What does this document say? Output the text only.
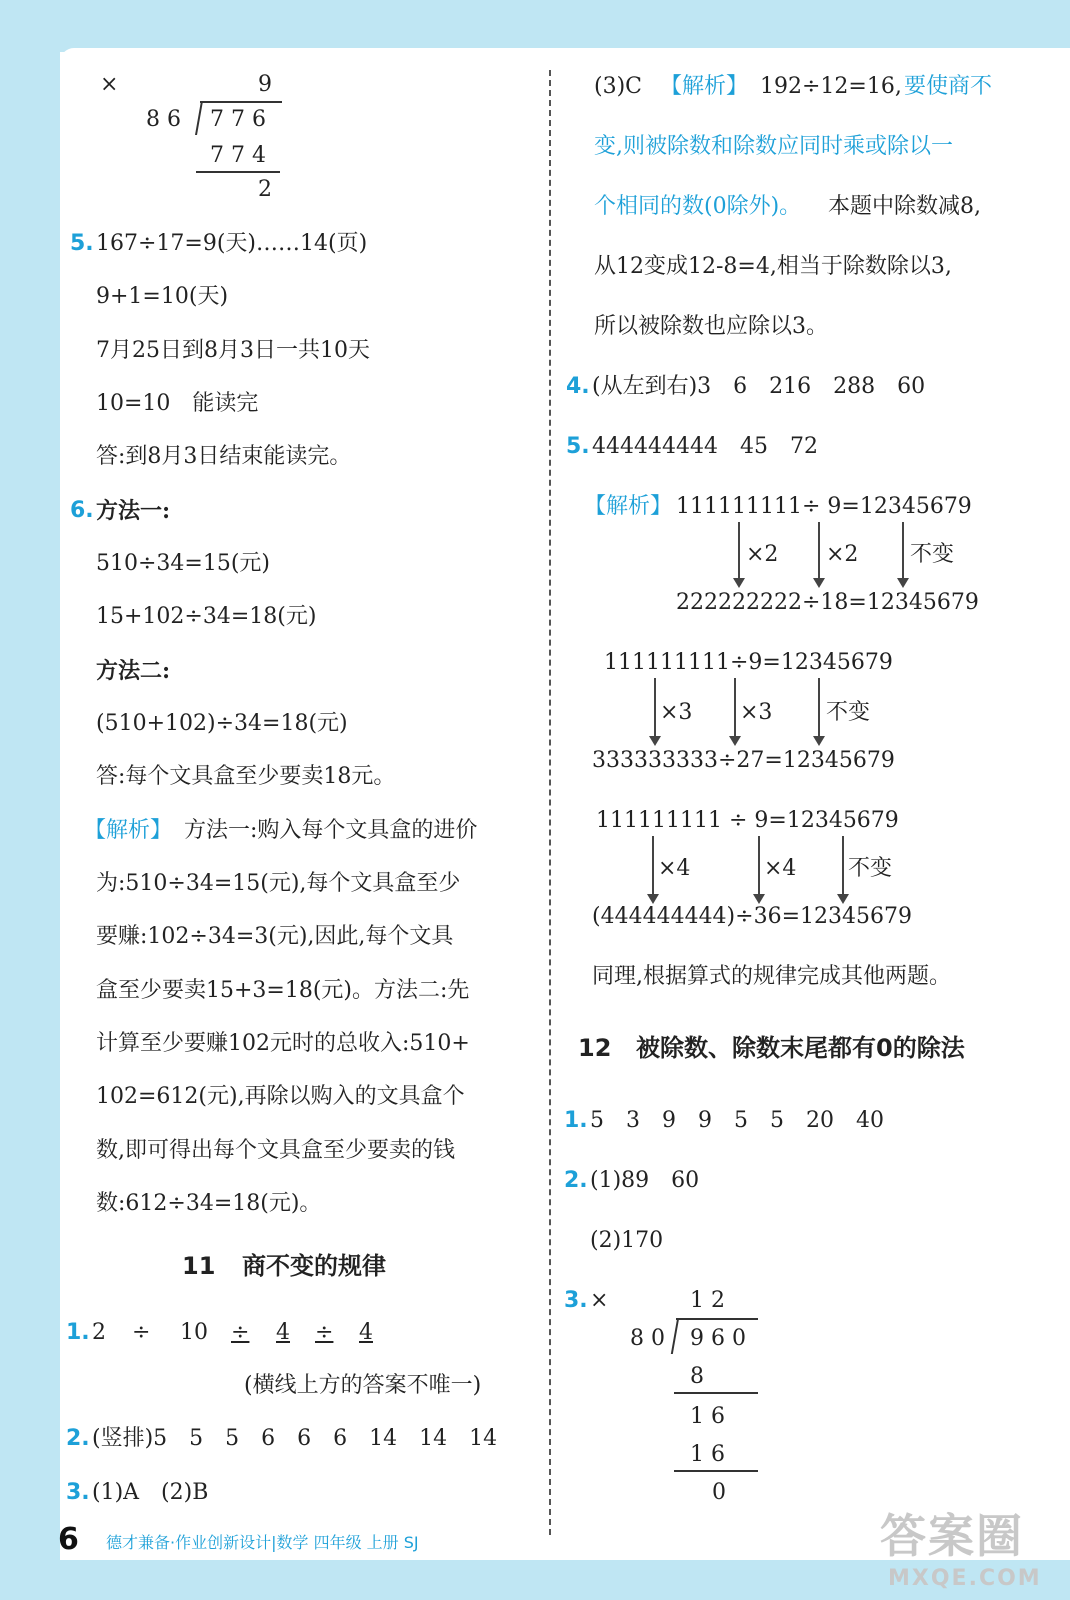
×	9
8 6 7 7 6
7 7 4
2
5. 167÷17=9(天)……14(页)
9+1=10(天)
7月25日到8月3日一共10天
10=10　能读完
答:到8月3日结束能读完。
6. 方法一:
510÷34=15(元)
15+102÷34=18(元)
方法二:
(510+102)÷34=18(元)
答:每个文具盒至少要卖18元。
【解析】 方法一:购入每个文具盒的进价
为:510÷34=15(元),每个文具盒至少
要赚:102÷34=3(元),因此,每个文具
盒至少要卖15+3=18(元)。方法二:先
计算至少要赚102元时的总收入:510+
102=612(元),再除以购入的文具盒个
数,即可得出每个文具盒至少要卖的钱
数:612÷34=18(元)。
11 商不变的规律
1. 2 ÷ 10 ÷ 4 ÷ 4
(横线上方的答案不唯一)
2. (竖排)5　5　5　6　6　6　14　14　14
3. (1)A　(2)B
(3)C 【解析】 192÷12=16, 要使商不
变,则被除数和除数应同时乘或除以一
个相同的数(0除外)。 本题中除数减8,
从12变成12-8=4,相当于除数除以3,
所以被除数也应除以3。
4. (从左到右)3　6　216　288　60
5. 444444444　45　72
【解析】 111111111÷ 9=12345679
×2 ×2 不变
222222222÷18=12345679
111111111÷9=12345679
×3 ×3 不变
333333333÷27=12345679
111111111 ÷ 9=12345679
×4	×4 不变
(444444444)÷36=12345679
同理,根据算式的规律完成其他两题。
12 被除数、除数末尾都有0的除法
1. 5　3　9　9　5　5　20　40
2. (1)89　60
(2)170
3. ×	1 2
8 0 9 6 0
8
1 6
1 6
0
6 德才兼备·作业创新设计|数学 四年级 上册 SJ	答案圈
MXQE.COM
